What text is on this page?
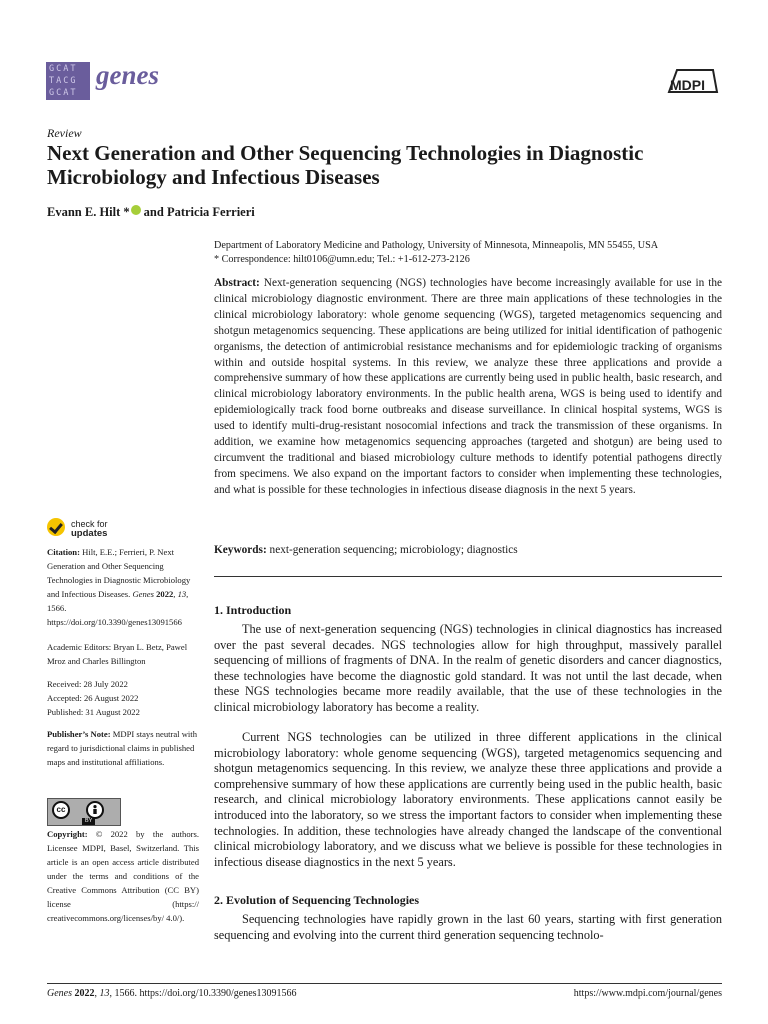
GCAT
TACG
GCAT
genes	MDPI
Review
Next Generation and Other Sequencing Technologies in Diagnostic Microbiology and Infectious Diseases
Evann E. Hilt * and Patricia Ferrieri
Department of Laboratory Medicine and Pathology, University of Minnesota, Minneapolis, MN 55455, USA
* Correspondence: hilt0106@umn.edu; Tel.: +1-612-273-2126
Abstract: Next-generation sequencing (NGS) technologies have become increasingly available for use in the clinical microbiology diagnostic environment. There are three main applications of these technologies in the clinical microbiology laboratory: whole genome sequencing (WGS), targeted metagenomics sequencing and shotgun metagenomics sequencing. These applications are being utilized for initial identification of pathogenic organisms, the detection of antimicrobial resistance mechanisms and for epidemiologic tracking of organisms within and outside hospital systems. In this review, we analyze these three applications and provide a comprehensive summary of how these applications are currently being used in public health, basic research, and clinical microbiology laboratory environments. In the public health arena, WGS is being used to identify and epidemiologically track food borne outbreaks and disease surveillance. In clinical hospital systems, WGS is used to identify multi-drug-resistant nosocomial infections and track the transmission of these organisms. In addition, we examine how metagenomics sequencing approaches (targeted and shotgun) are being used to circumvent the traditional and biased microbiology culture methods to identify potential pathogens directly from specimens. We also expand on the important factors to consider when implementing these technologies, and what is possible for these technologies in infectious disease diagnosis in the next 5 years.
Keywords: next-generation sequencing; microbiology; diagnostics
check for
updates
Citation: Hilt, E.E.; Ferrieri, P. Next Generation and Other Sequencing Technologies in Diagnostic Microbiology and Infectious Diseases. Genes 2022, 13, 1566. https://doi.org/10.3390/genes13091566
Academic Editors: Bryan L. Betz, Pawel Mroz and Charles Billington
Received: 28 July 2022
Accepted: 26 August 2022
Published: 31 August 2022
Publisher’s Note: MDPI stays neutral with regard to jurisdictional claims in published maps and institutional affiliations.
cc
BY
Copyright: © 2022 by the authors. Licensee MDPI, Basel, Switzerland. This article is an open access article distributed under the terms and conditions of the Creative Commons Attribution (CC BY) license (https:// creativecommons.org/licenses/by/ 4.0/).
1. Introduction
The use of next-generation sequencing (NGS) technologies in clinical diagnostics has increased over the past several decades. NGS technologies allow for high throughput, massively parallel sequencing of millions of fragments of DNA. In the realm of genetic disorders and cancer diagnostics, these technologies have become the diagnostic gold standard. It was not until the last decade, when these NGS technologies became more readily available, that the use of these technologies in the clinical microbiology laboratory has become a reality.
Current NGS technologies can be utilized in three different applications in the clinical microbiology laboratory: whole genome sequencing (WGS), targeted metagenomics sequencing and shotgun metagenomics sequencing. In this review, we analyze these three applications and provide a comprehensive summary of how these applications are currently being used in the public health, basic research, and clinical microbiology laboratory environments. These applications cannot easily be introduced into the laboratory, so we stress the important factors to consider when implementing these technologies. In addition, these technologies have already changed the landscape of the conventional clinical microbiology laboratory, and we discuss what we believe is possible for these technologies in infectious disease diagnostics in the next 5 years.
2. Evolution of Sequencing Technologies
Sequencing technologies have rapidly grown in the last 60 years, starting with first generation sequencing and evolving into the current third generation sequencing technolo-
Genes 2022, 13, 1566. https://doi.org/10.3390/genes13091566	https://www.mdpi.com/journal/genes
